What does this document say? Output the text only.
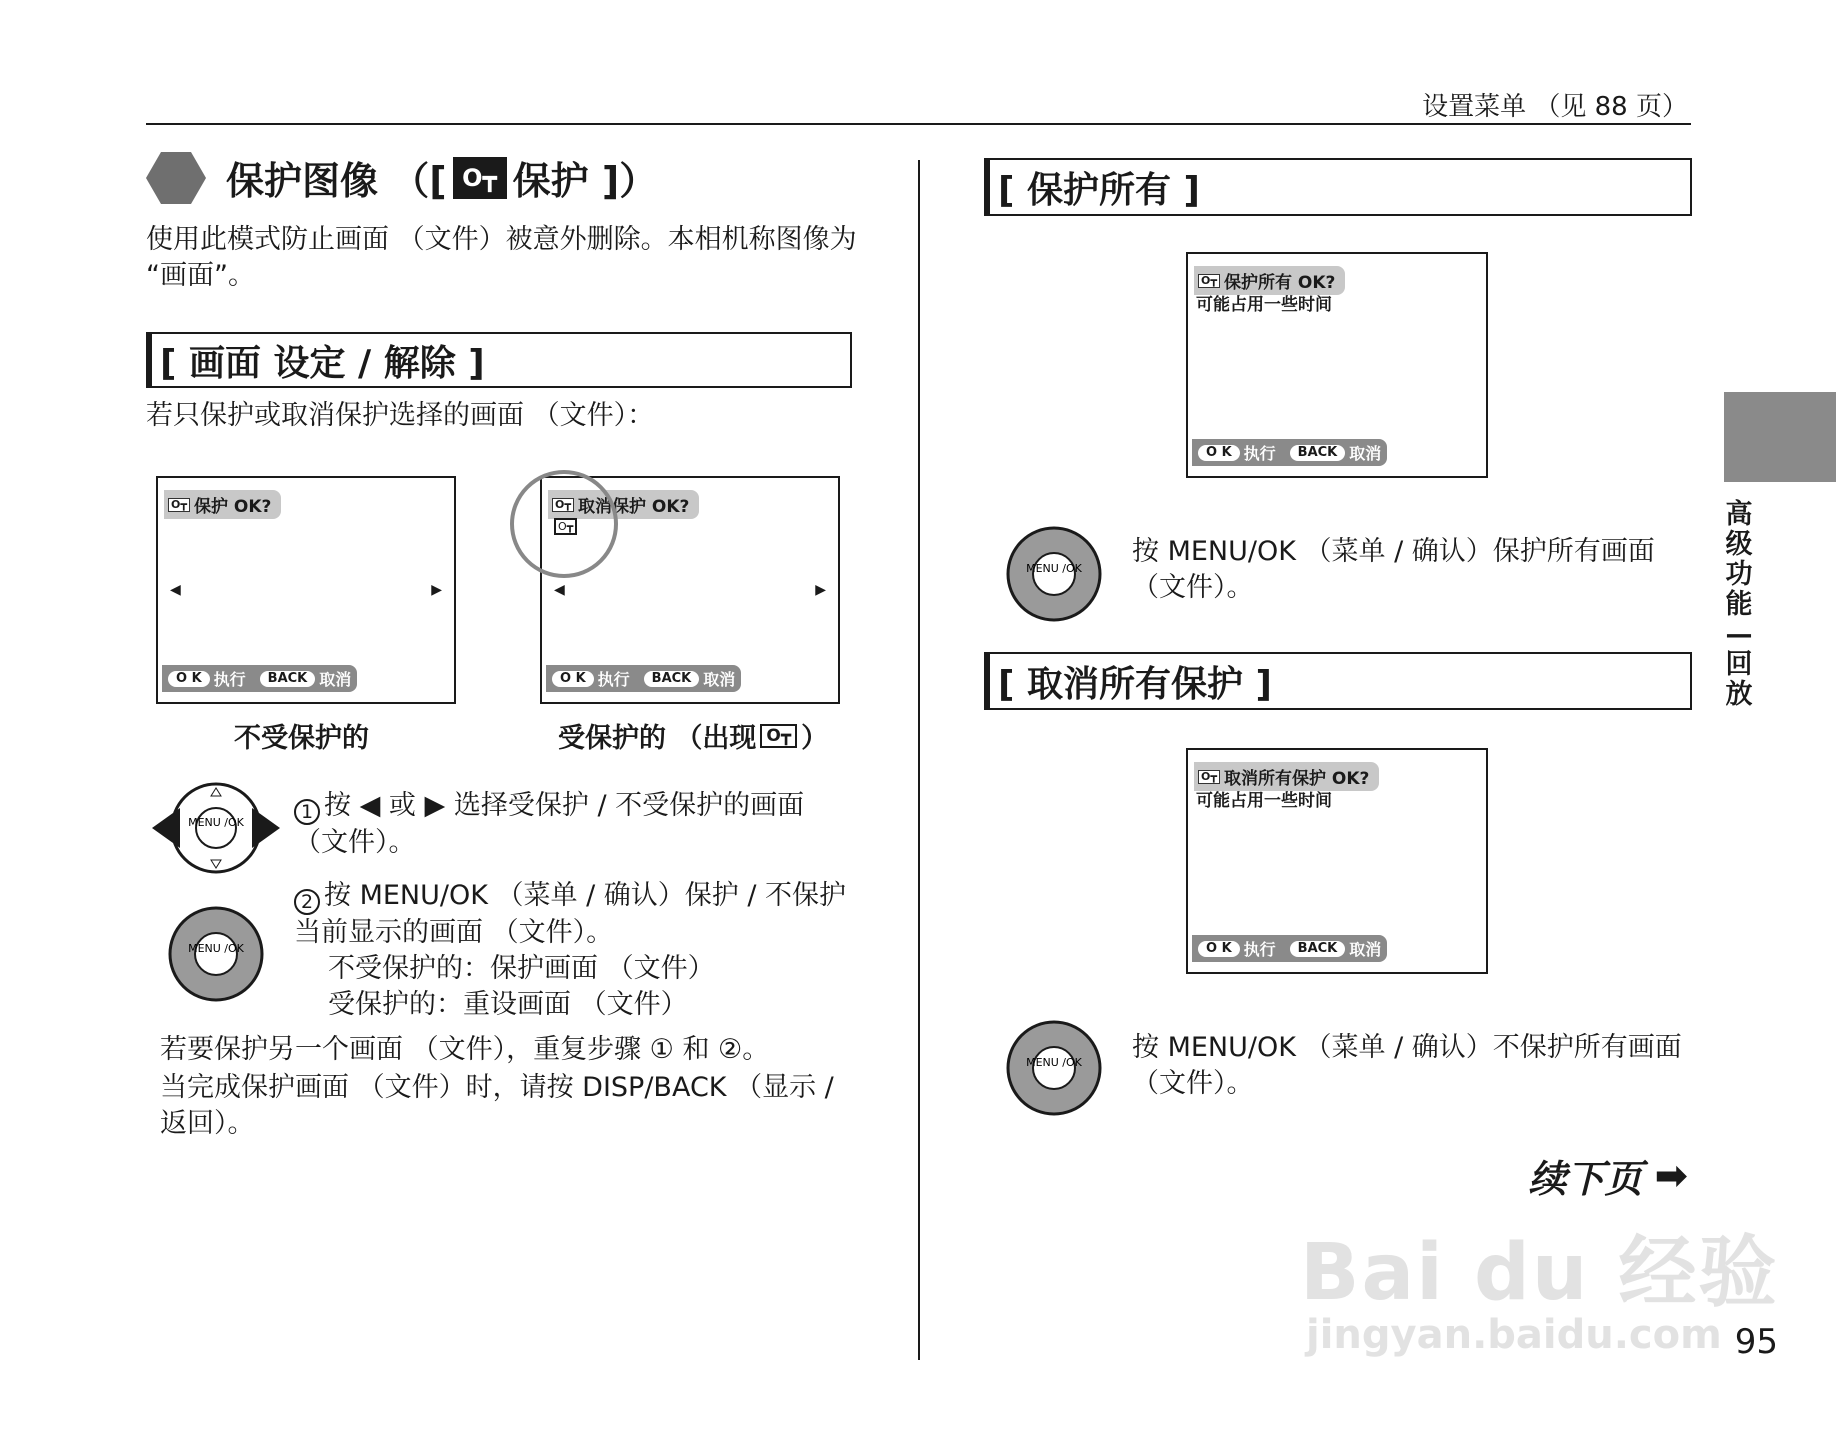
设置菜单 （见 88 页）
保护图像 （[ O┳ 保护 ]）
使用此模式防止画面 （文件）被意外删除。本相机称图像为 “画面”。
[ 画面 设定 / 解除 ]
若只保护或取消保护选择的画面 （文件）：
O┳ 保护 OK?
◀	▶
O K 执行	BACK 取消
不受保护的
O┳ 取消保护 OK?
O┳
◀	▶
O K 执行	BACK 取消
受保护的 （出现 O┳ ）
MENU /OK	1 按 ◀ 或 ▶ 选择受保护 / 不受保护的画面 （文件）。
MENU /OK
2 按 MENU/OK （菜单 / 确认）保护 / 不保护当前显示的画面 （文件）。
不受保护的：保护画面 （文件）
受保护的：重设画面 （文件）
若要保护另一个画面 （文件），重复步骤 ① 和 ②。
当完成保护画面 （文件）时，请按 DISP/BACK （显示 / 返回）。
[ 保护所有 ]
O┳ 保护所有 OK?
可能占用一些时间
O K 执行	BACK 取消
MENU /OK
按 MENU/OK （菜单 / 确认）保护所有画面 （文件）。
[ 取消所有保护 ]
O┳ 取消所有保护 OK?
可能占用一些时间
O K 执行	BACK 取消
MENU /OK 按 MENU/OK （菜单 / 确认）不保护所有画面 （文件）。
高级功能—回放
续下页 ➡
95
Bai du 经验
jingyan.baidu.com
